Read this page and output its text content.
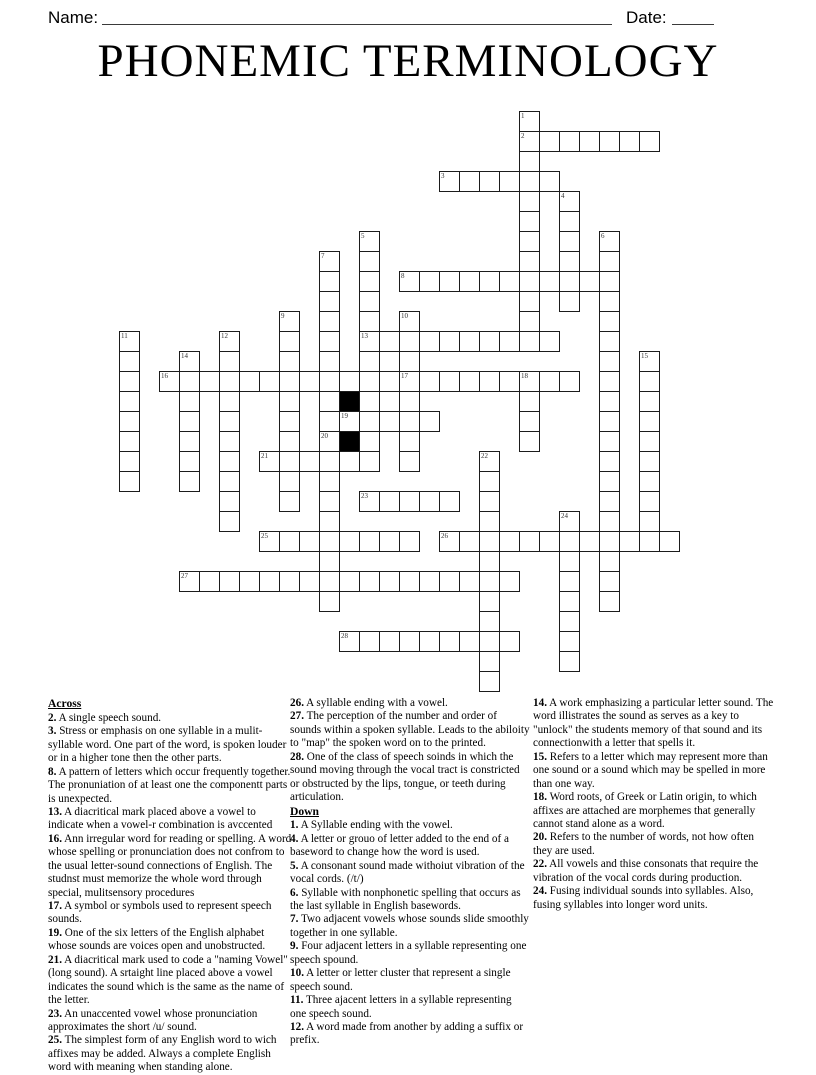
Name:	Date:
PHONEMIC TERMINOLOGY
2
3
8
13
16	17	18
19
21
23
25	26
27
28
1
4
5	6
7
9	10
11	12
14	15
20
22
24
Across
2. A single speech sound.
3. Stress or emphasis on one syllable in a mulit-syllable word. One part of the word, is spoken louder or in a higher tone then the other parts.
8. A pattern of letters which occur frequently together. The pronuniation of at least one the componentt parts is unexpected.
13. A diacritical mark placed above a vowel to indicate when a vowel-r combination is avccented
16. Ann irregular word for reading or spelling. A word whose spelling or pronunciation does not confrom to the usual letter-sound connections of English. The studnst must memorize the whole word through special, mulitsensory procedures
17. A symbol or symbols used to represent speech sounds.
19. One of the six letters of the English alphabet whose sounds are voices open and unobstructed.
21. A diacritical mark used to code a "naming Vowel" (long sound). A srtaight line placed above a vowel indicates the sound which is the same as the name of the letter.
23. An unaccented vowel whose pronunciation approximates the short /u/ sound.
25. The simplest form of any English word to wich affixes may be added. Always a complete English word with meaning when standing alone.
26. A syllable ending with a vowel.
27. The perception of the number and order of sounds within a spoken syllable. Leads to the abiloity to "map" the spoken word on to the printed.
28. One of the class of speech soinds in which the sound moving through the vocal tract is constricted or obstructed by the lips, tongue, or teeth during articulation.
Down
1. A Syllable ending with the vowel.
4. A letter or grouo of letter added to the end of a baseword to change how the word is used.
5. A consonant sound made withoiut vibration of the vocal cords. (/t/)
6. Syllable with nonphonetic spelling that occurs as the last syllable in English basewords.
7. Two adjacent vowels whose sounds slide smoothly together in one syllable.
9. Four adjacent letters in a syllable representing one speech spound.
10. A letter or letter cluster that represent a single speech sound.
11. Three ajacent letters in a syllable representing one speech sound.
12. A word made from another by adding a suffix or prefix.
14. A work emphasizing a particular letter sound. The word illistrates the sound as serves as a key to "unlock" the students memory of that sound and its connectionwith a letter that spells it.
15. Refers to a letter which may represent more than one sound or a sound which may be spelled in more than one way.
18. Word roots, of Greek or Latin origin, to which affixes are attached are morphemes that generally cannot stand alone as a word.
20. Refers to the number of words, not how often they are used.
22. All vowels and thise consonats that require the vibration of the vocal cords during production.
24. Fusing individual sounds into syllables. Also, fusing syllables into longer word units.
